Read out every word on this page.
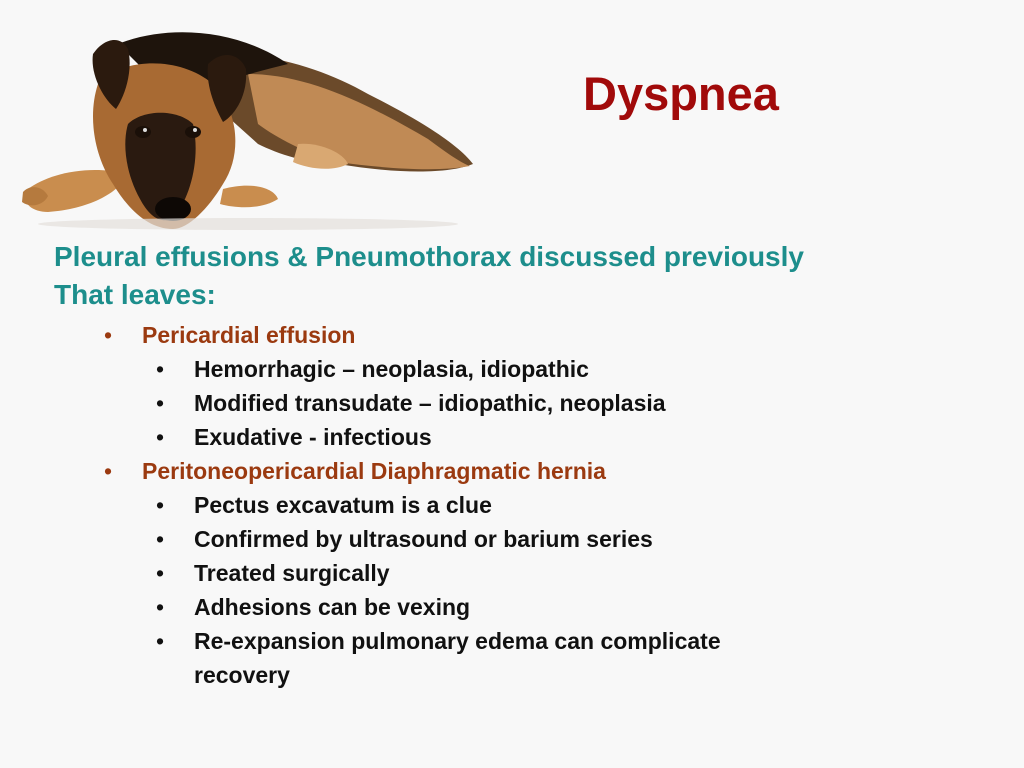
Dyspnea
Pleural effusions & Pneumothorax discussed previously
That leaves:
• Pericardial effusion
• Hemorrhagic – neoplasia, idiopathic
• Modified transudate – idiopathic, neoplasia
• Exudative - infectious
• Peritoneopericardial Diaphragmatic hernia
• Pectus excavatum is a clue
• Confirmed by ultrasound or barium series
• Treated surgically
• Adhesions can be vexing
• Re-expansion pulmonary edema can complicate
recovery
